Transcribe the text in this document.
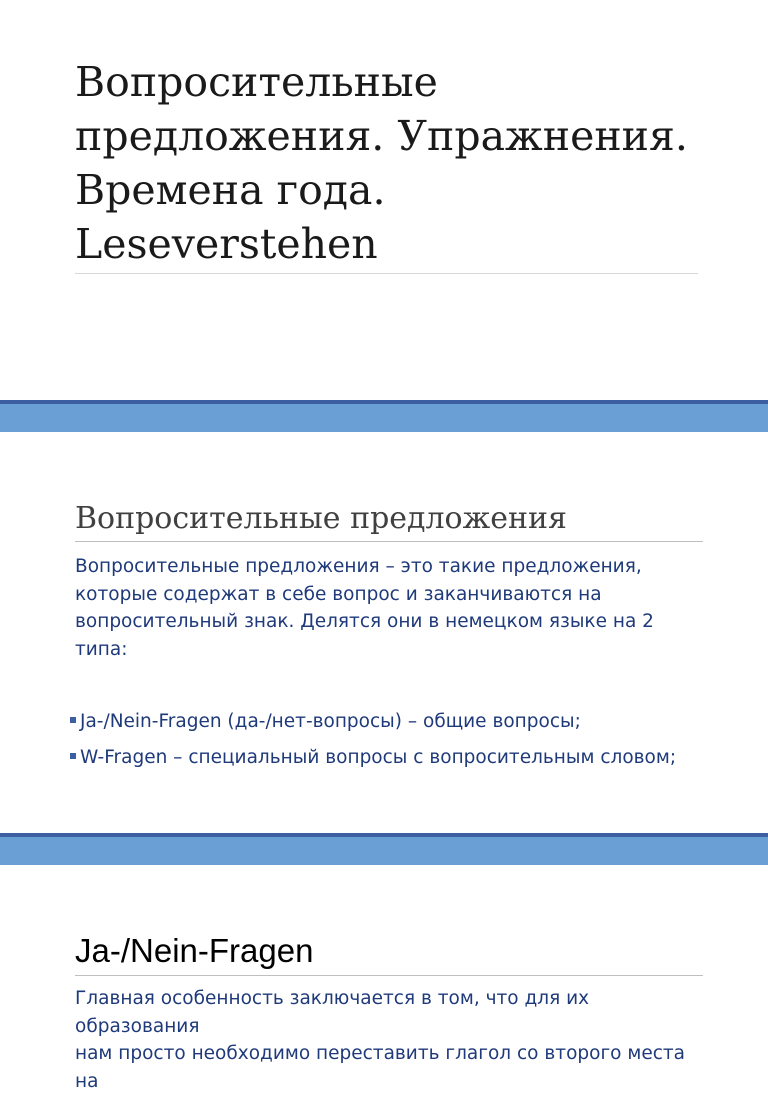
Вопросительные
предложения. Упражнения.
Времена года.
Leseverstehen
Вопросительные предложения

Вопросительные предложения – это такие предложения,
которые содержат в себе вопрос и заканчиваются на
вопросительный знак. Делятся они в немецком языке на 2
типа:

Ja-/Nein-Fragen (да-/нет-вопросы) – общие вопросы;
W-Fragen – специальный вопросы с вопросительным словом;
Ja-/Nein-Fragen

Главная особенность заключается в том, что для их образования
нам просто необходимо переставить глагол со второго места на
